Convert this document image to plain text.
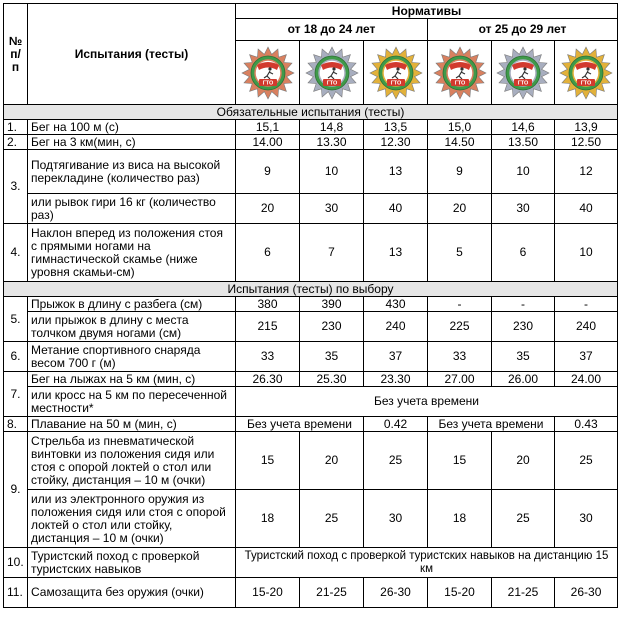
№ п/п	Испытания (тесты)	Нормативы					
		от 18 до 24 лет			от 25 до 29 лет		

ГТО	ГТО	ГТО	ГТО	ГТО	ГТО

Обязательные испытания (тесты)							
1.	Бег на 100 м (с)	15,1	14,8	13,5	15,0	14,6	13,9
2.	Бег на 3 км(мин, с)	14.00	13.30	12.30	14.50	13.50	12.50
3.	Подтягивание из виса на высокой перекладине (количество раз)	9	10	13	9	10	12
	или рывок гири 16 кг (количество раз)	20	30	40	20	30	40
4.	Наклон вперед из положения стоя с прямыми ногами на гимнастической скамье (ниже уровня скамьи-см)	6	7	13	5	6	10
Испытания (тесты) по выбору							
5.	Прыжок в длину с разбега (см)	380	390	430	-	-	-
	или прыжок в длину с места толчком двумя ногами (см)	215	230	240	225	230	240
6.	Метание спортивного снаряда весом 700 г (м)	33	35	37	33	35	37
7.	Бег на лыжах на 5 км (мин, с)	26.30	25.30	23.30	27.00	26.00	24.00
	или кросс на 5 км по пересеченной местности*	Без учета времени					
8.	Плавание на 50 м (мин, с)	Без учета времени		0.42	Без учета времени		0.43
9.	Стрельба из пневматической винтовки из положения сидя или стоя с опорой локтей о стол или стойку, дистанция – 10 м (очки)	15	20	25	15	20	25
	или из электронного оружия из положения сидя или стоя с опорой локтей о стол или стойку, дистанция – 10 м (очки)	18	25	30	18	25	30
10.	Туристский поход с проверкой туристских навыков	Туристский поход с проверкой туристских навыков на дистанцию 15 км					
11.	Самозащита без оружия (очки)	15-20	21-25	26-30	15-20	21-25	26-30
